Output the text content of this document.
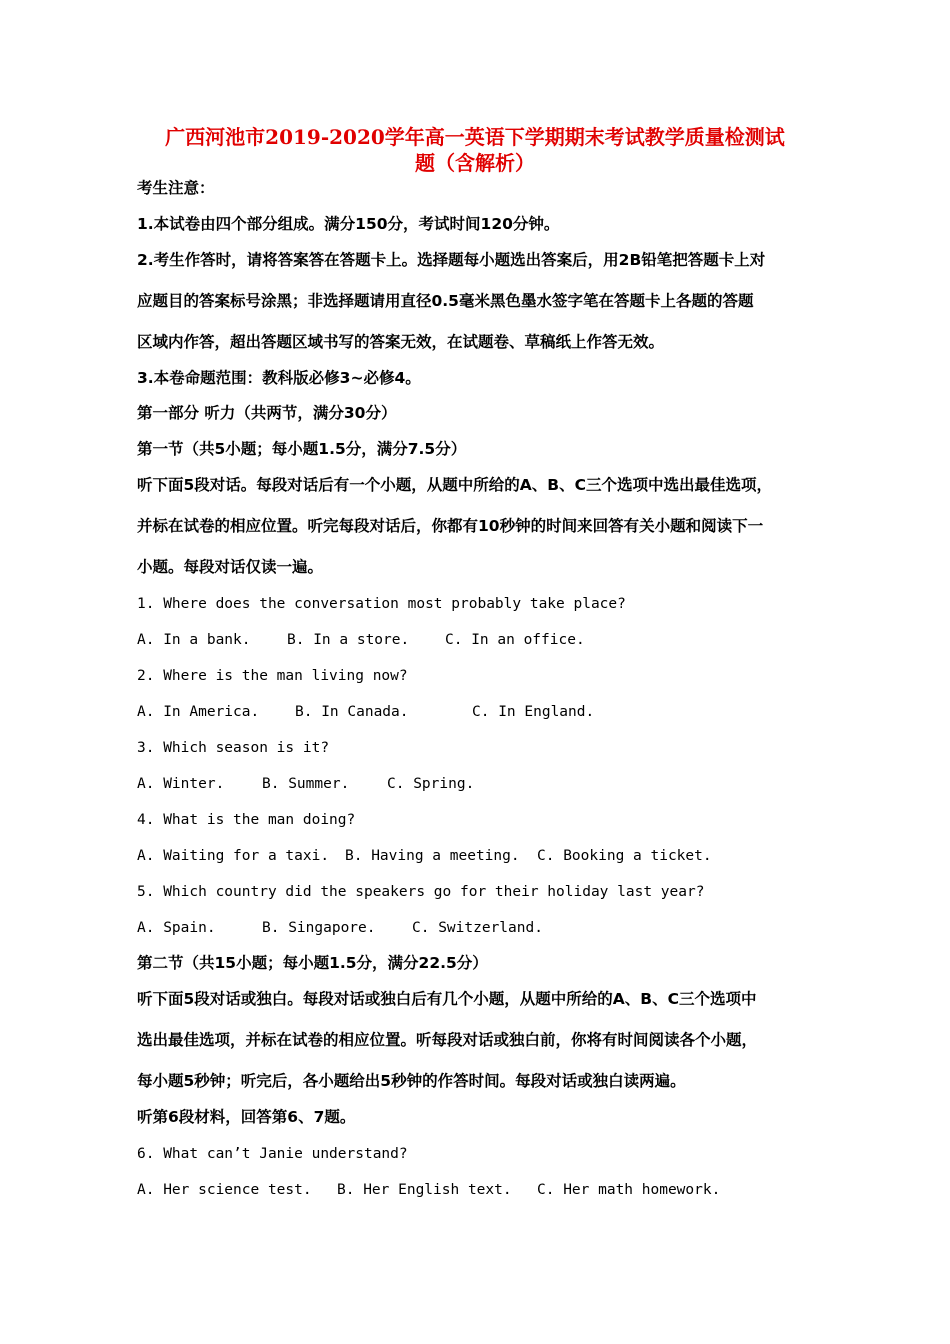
广西河池市2019-2020学年高一英语下学期期末考试教学质量检测试
题（含解析）
考生注意：
1.本试卷由四个部分组成。满分150分，考试时间120分钟。
2.考生作答时，请将答案答在答题卡上。选择题每小题选出答案后，用2B铅笔把答题卡上对
应题目的答案标号涂黑；非选择题请用直径0.5毫米黑色墨水签字笔在答题卡上各题的答题
区域内作答，超出答题区域书写的答案无效，在试题卷、草稿纸上作答无效。
3.本卷命题范围：教科版必修3~必修4。
第一部分 听力（共两节，满分30分）
第一节（共5小题；每小题1.5分，满分7.5分）
听下面5段对话。每段对话后有一个小题，从题中所给的A、B、C三个选项中选出最佳选项，
并标在试卷的相应位置。听完每段对话后，你都有10秒钟的时间来回答有关小题和阅读下一
小题。每段对话仅读一遍。
1. Where does the conversation most probably take place?
A. In a bank.	B. In a store. C. In an office.
2. Where is the man living now?
A. In America. B. In Canada.	C. In England.
3. Which season is it?
A. Winter.	B. Summer.	C. Spring.
4. What is the man doing?
A. Waiting for a taxi. B. Having a meeting. C. Booking a ticket.
5. Which country did the speakers go for their holiday last year?
A. Spain.	B. Singapore.	C. Switzerland.
第二节（共15小题；每小题1.5分，满分22.5分）
听下面5段对话或独白。每段对话或独白后有几个小题，从题中所给的A、B、C三个选项中
选出最佳选项，并标在试卷的相应位置。听每段对话或独白前，你将有时间阅读各个小题，
每小题5秒钟；听完后，各小题给出5秒钟的作答时间。每段对话或独白读两遍。
听第6段材料，回答第6、7题。
6. What can’t Janie understand?
A. Her science test. B. Her English text. C. Her math homework.
